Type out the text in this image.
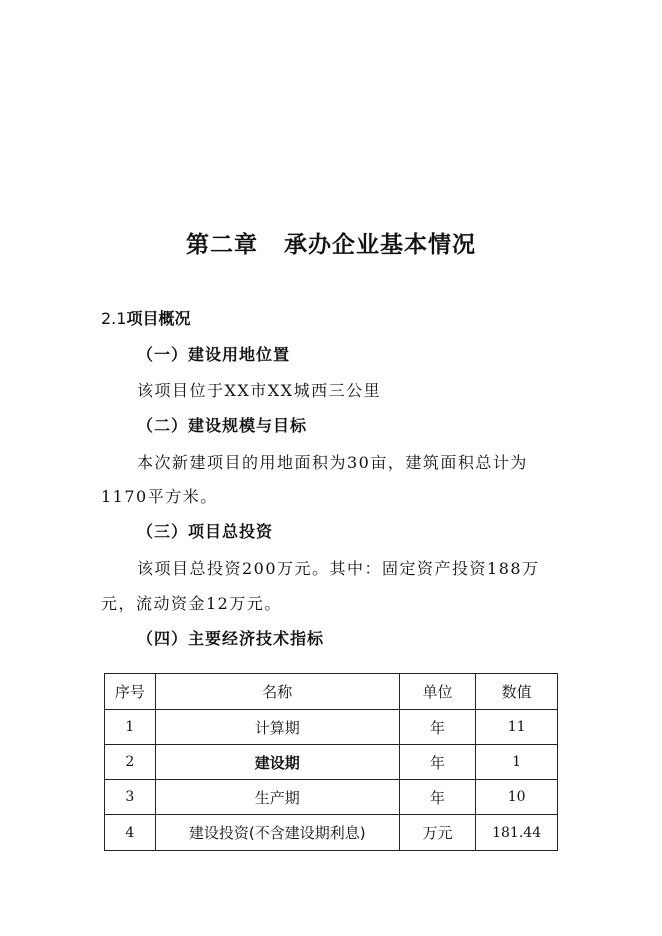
第二章 承办企业基本情况
2.1项目概况
（一）建设用地位置
该项目位于XX市XX城西三公里
（二）建设规模与目标
本次新建项目的用地面积为30亩，建筑面积总计为
1170平方米。
（三）项目总投资
该项目总投资200万元。其中：固定资产投资188万
元，流动资金12万元。
（四）主要经济技术指标
序号	名称	单位	数值
1	计算期	年	11
2	建设期	年	1
3	生产期	年	10
4	建设投资(不含建设期利息)	万元	181.44
